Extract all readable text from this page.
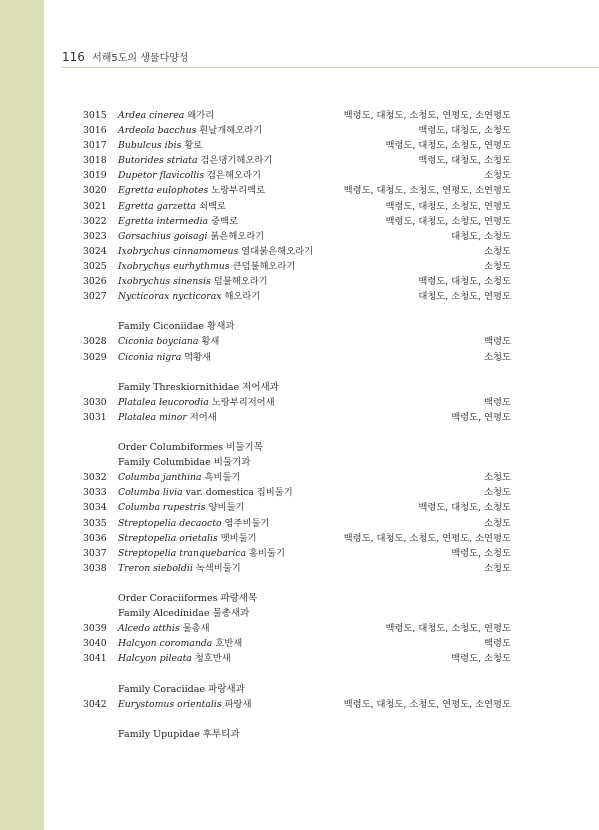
116 서해5도의 생물다양성
3015	Ardea cinerea 왜가리	백령도, 대청도, 소청도, 연평도, 소연평도
3016	Ardeola bacchus 흰날개해오라기	백령도, 대청도, 소청도
3017	Bubulcus ibis 황로	백령도, 대청도, 소청도, 연평도
3018	Butorides striata 검은댕기해오라기	백령도, 대청도, 소청도
3019	Dupetor flavicollis 검은해오라기	소청도
3020	Egretta eulophotes 노랑부리백로	백령도, 대청도, 소청도, 연평도, 소연평도
3021	Egretta garzetta 쇠백로	백령도, 대청도, 소청도, 연평도
3022	Egretta intermedia 중백로	백령도, 대청도, 소청도, 연평도
3023	Gorsachius goisagi 붉은해오라기	대청도, 소청도
3024	Ixobrychus cinnamomeus 열대붉은해오라기	소청도
3025	Ixobrychus eurhythmus 큰덤불해오라기	소청도
3026	Ixobrychus sinensis 덤불해오라기	백령도, 대청도, 소청도
3027	Nycticorax nycticorax 해오라기	대청도, 소청도, 연평도
Family Ciconiidae 황새과
3028	Ciconia boyciana 황새	백령도
3029	Ciconia nigra 먹황새	소청도
Family Threskiornithidae 저어새과
3030	Platalea leucorodia 노랑부리저어새	백령도
3031	Platalea minor 저어새	백령도, 연평도
Order Columbiformes 비둘기목
Family Columbidae 비둘기과
3032	Columba janthina 흑비둘기	소청도
3033	Columba livia var. domestica 집비둘기	소청도
3034	Columba rupestris 양비둘기	백령도, 대청도, 소청도
3035	Streptopelia decaocto 염주비둘기	소청도
3036	Streptopelia orietalis 멧비둘기	백령도, 대청도, 소청도, 연평도, 소연평도
3037	Streptopelia tranquebarica 홍비둘기	백령도, 소청도
3038	Treron sieboldii 녹색비둘기	소청도
Order Coraciiformes 파랑새목
Family Alcedinidae 물총새과
3039	Alcedo atthis 물총새	백령도, 대청도, 소청도, 연평도
3040	Halcyon coromanda 호반새	백령도
3041	Halcyon pileata 청호반새	백령도, 소청도
Family Coraciidae 파랑새과
3042	Eurystomus orientalis 파랑새	백령도, 대청도, 소청도, 연평도, 소연평도
Family Upupidae 후투티과
